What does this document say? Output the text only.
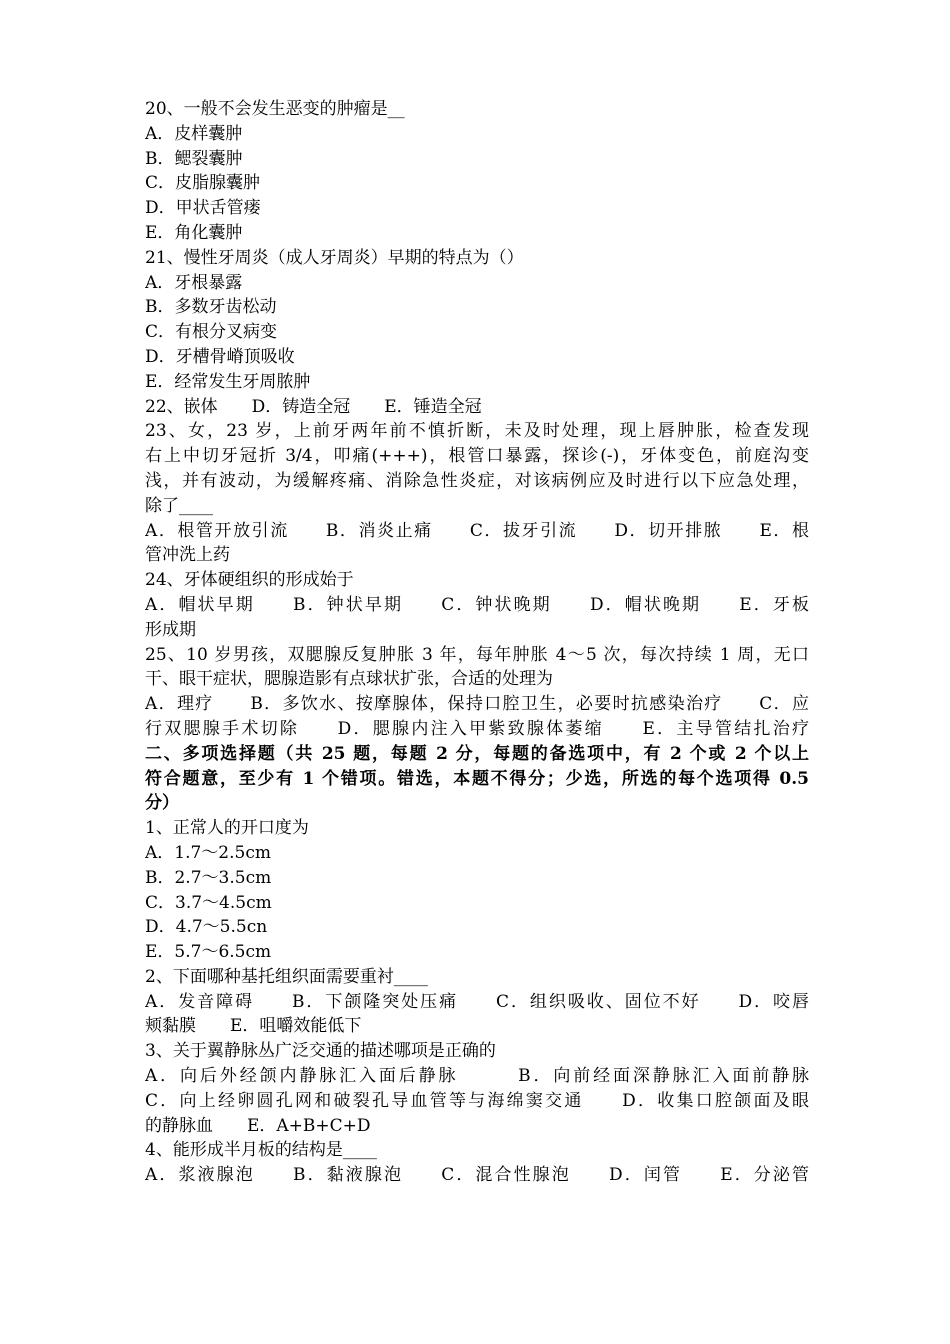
20、一般不会发生恶变的肿瘤是__
A．皮样囊肿
B．鳃裂囊肿
C．皮脂腺囊肿
D．甲状舌管瘘
E．角化囊肿
21、慢性牙周炎（成人牙周炎）早期的特点为（）
A．牙根暴露
B．多数牙齿松动
C．有根分叉病变
D．牙槽骨嵴顶吸收
E．经常发生牙周脓肿
22、嵌体　　D．铸造全冠　　E．锤造全冠
23、女，23 岁，上前牙两年前不慎折断，未及时处理，现上唇肿胀，检查发现
右上中切牙冠折 3/4，叩痛(+++)，根管口暴露，探诊(-)，牙体变色，前庭沟变
浅，并有波动，为缓解疼痛、消除急性炎症，对该病例应及时进行以下应急处理，
除了____
A．根管开放引流　　B．消炎止痛　　C．拔牙引流　　D．切开排脓　　E．根
管冲洗上药
24、牙体硬组织的形成始于
A．帽状早期　　B．钟状早期　　C．钟状晚期　　D．帽状晚期　　E．牙板
形成期
25、10 岁男孩，双腮腺反复肿胀 3 年，每年肿胀 4～5 次，每次持续 1 周，无口
干、眼干症状，腮腺造影有点球状扩张，合适的处理为
A．理疗　　B．多饮水、按摩腺体，保持口腔卫生，必要时抗感染治疗　　C．应
行双腮腺手术切除　　D．腮腺内注入甲紫致腺体萎缩　　E．主导管结扎治疗
二、多项选择题（共 25 题，每题 2 分，每题的备选项中，有 2 个或 2 个以上
符合题意，至少有 1 个错项。错选，本题不得分；少选，所选的每个选项得 0.5
分）
1、正常人的开口度为
A．1.7～2.5cm
B．2.7～3.5cm
C．3.7～4.5cm
D．4.7～5.5cn
E．5.7～6.5cm
2、下面哪种基托组织面需要重衬____
A．发音障碍　　B．下颌隆突处压痛　　C．组织吸收、固位不好　　D．咬唇
颊黏膜　　E．咀嚼效能低下
3、关于翼静脉丛广泛交通的描述哪项是正确的
A．向后外经颌内静脉汇入面后静脉　　　B．向前经面深静脉汇入面前静脉
C．向上经卵圆孔网和破裂孔导血管等与海绵窦交通　　D．收集口腔颌面及眼
的静脉血　　E．A+B+C+D
4、能形成半月板的结构是____
A．浆液腺泡　　B．黏液腺泡　　C．混合性腺泡　　D．闰管　　E．分泌管
